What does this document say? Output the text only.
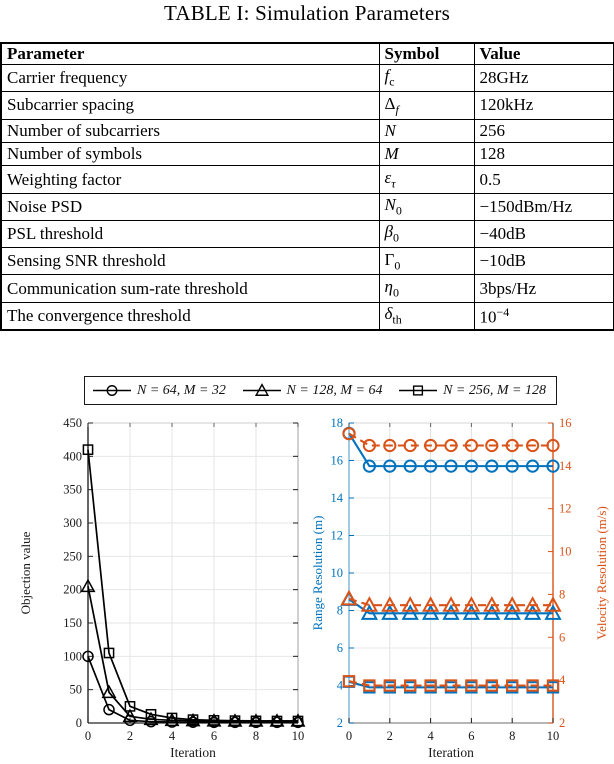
TABLE I: Simulation Parameters
Parameter	Symbol	Value
Carrier frequency	$f_c$	28GHz
Subcarrier spacing	$\Delta_f$	120kHz
Number of subcarriers	N	256
Number of symbols	M	128
Weighting factor	$\varepsilon_\tau$	0.5
Noise PSD	$N_0$	−150dBm/Hz
PSL threshold	$\beta_0$	−40dB
Sensing SNR threshold	$\Gamma_0$	−10dB
Communication sum-rate threshold	$\eta_0$	3bps/Hz
The convergence threshold	$\delta_{th}$	$10^{-4}$
N = 64, M = 32	N = 128, M = 64	N = 256, M = 128
0	2	4	6	8	10
Iteration
0
50
100
150
200
250
300
350
400
450
Objection value
0	2	4	6	8	10
Iteration
2
4
6
8
10
12
14
16
18
Range Resolution (m)
2
4
6
8
10
12
14
16
Velocity Resolution (m/s)
